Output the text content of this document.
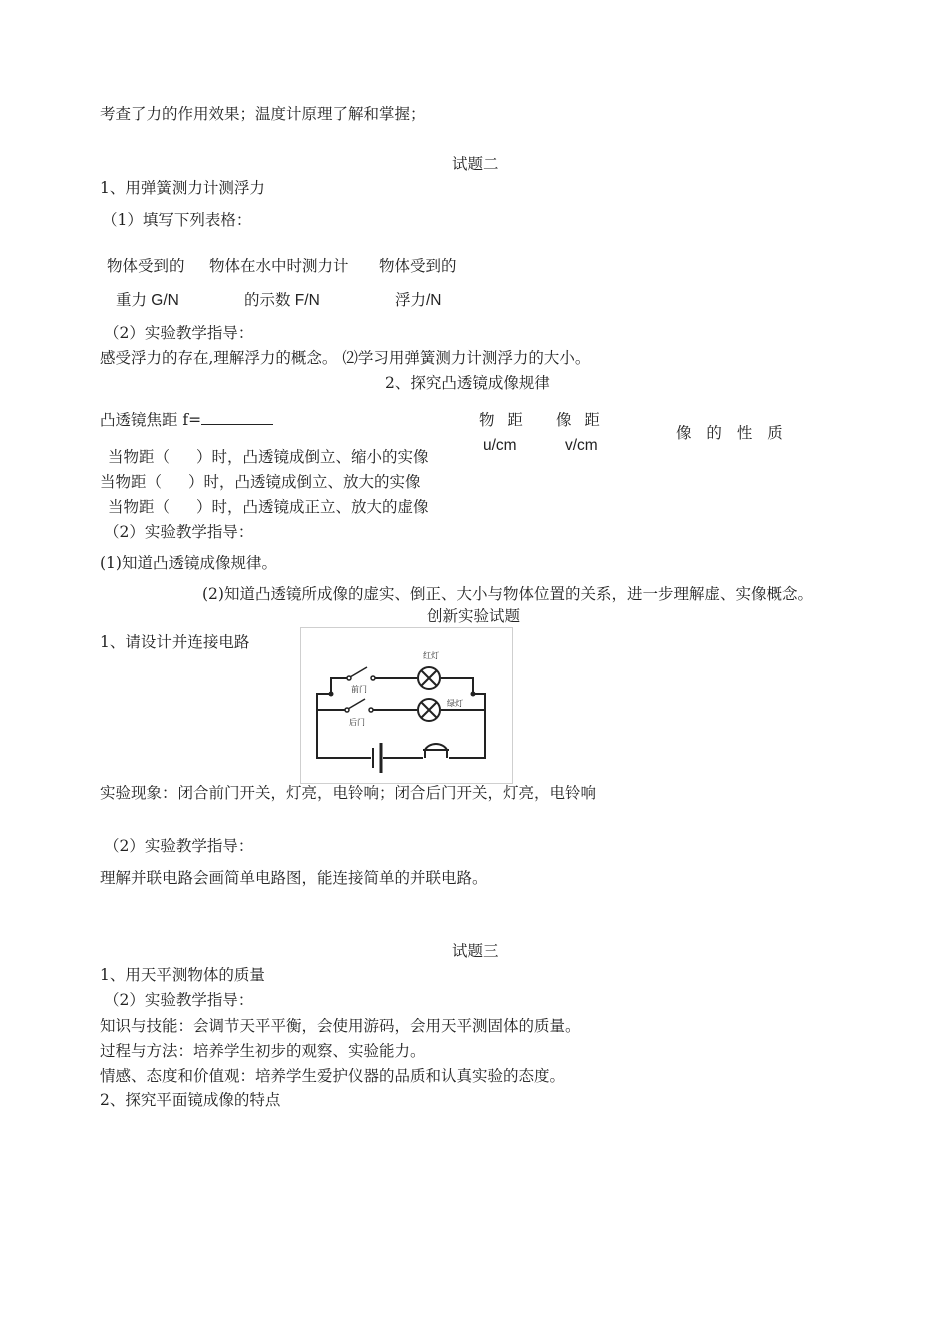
考查了力的作用效果；温度计原理了解和掌握；
试题二
1、用弹簧测力计测浮力
（1）填写下列表格：
物体受到的 物体在水中时测力计 物体受到的
重力 G/N	的示数 F/N	浮力/N
（2）实验教学指导：
感受浮力的存在,理解浮力的概念。 ⑵学习用弹簧测力计测浮力的大小。
2、探究凸透镜成像规律
凸透镜焦距 f=	物 距 像 距
u/cm	v/cm
像 的 性 质
当物距（ ）时，凸透镜成倒立、缩小的实像
当物距（ ）时，凸透镜成倒立、放大的实像
当物距（ ）时，凸透镜成正立、放大的虚像
（2）实验教学指导：
(1)知道凸透镜成像规律。
(2)知道凸透镜所成像的虚实、倒正、大小与物体位置的关系，进一步理解虚、实像概念。
创新实验试题
1、请设计并连接电路
红灯
绿灯
前门
后门
实验现象：闭合前门开关，灯亮，电铃响；闭合后门开关，灯亮，电铃响
（2）实验教学指导：
理解并联电路会画简单电路图，能连接简单的并联电路。
试题三
1、用天平测物体的质量
（2）实验教学指导：
知识与技能：会调节天平平衡，会使用游码，会用天平测固体的质量。
过程与方法：培养学生初步的观察、实验能力。
情感、态度和价值观：培养学生爱护仪器的品质和认真实验的态度。
2、探究平面镜成像的特点
